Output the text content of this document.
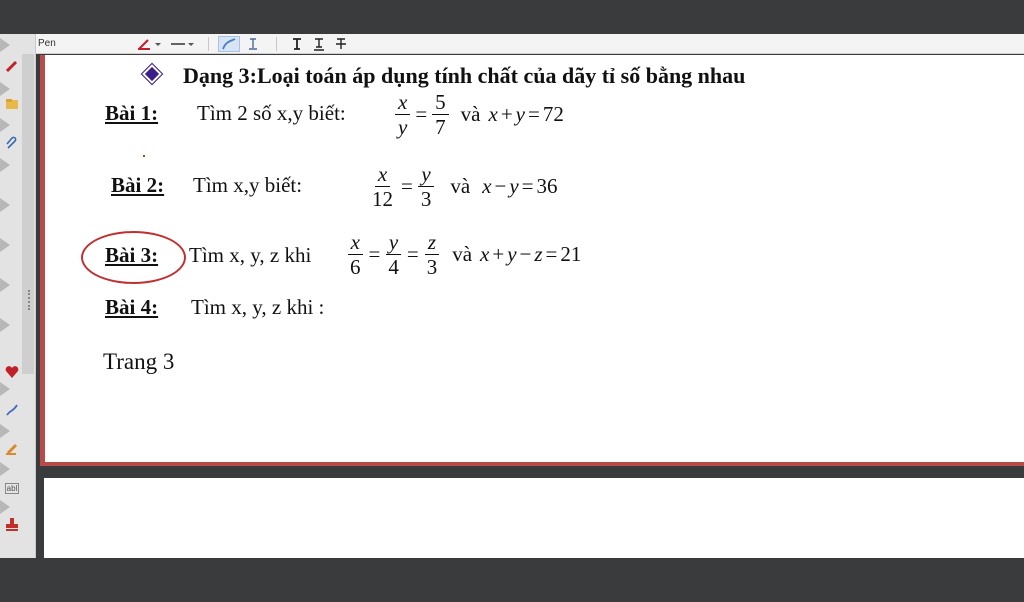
Pen
abl
Dạng 3:Loại toán áp dụng tính chất của dãy tỉ số bằng nhau
Bài 1: Tìm 2 số x,y biết: $\frac{x}{y} = \frac{5}{7}$ và x + y = 72
Bài 2: Tìm x,y biết:	$\frac{x}{12} = \frac{y}{3}$ và x − y = 36
Bài 3: Tìm x, y, z khi $\frac{x}{6} = \frac{y}{4} = \frac{z}{3}$ và x + y − z = 21
Bài 4: Tìm x, y, z khi :
Trang 3
